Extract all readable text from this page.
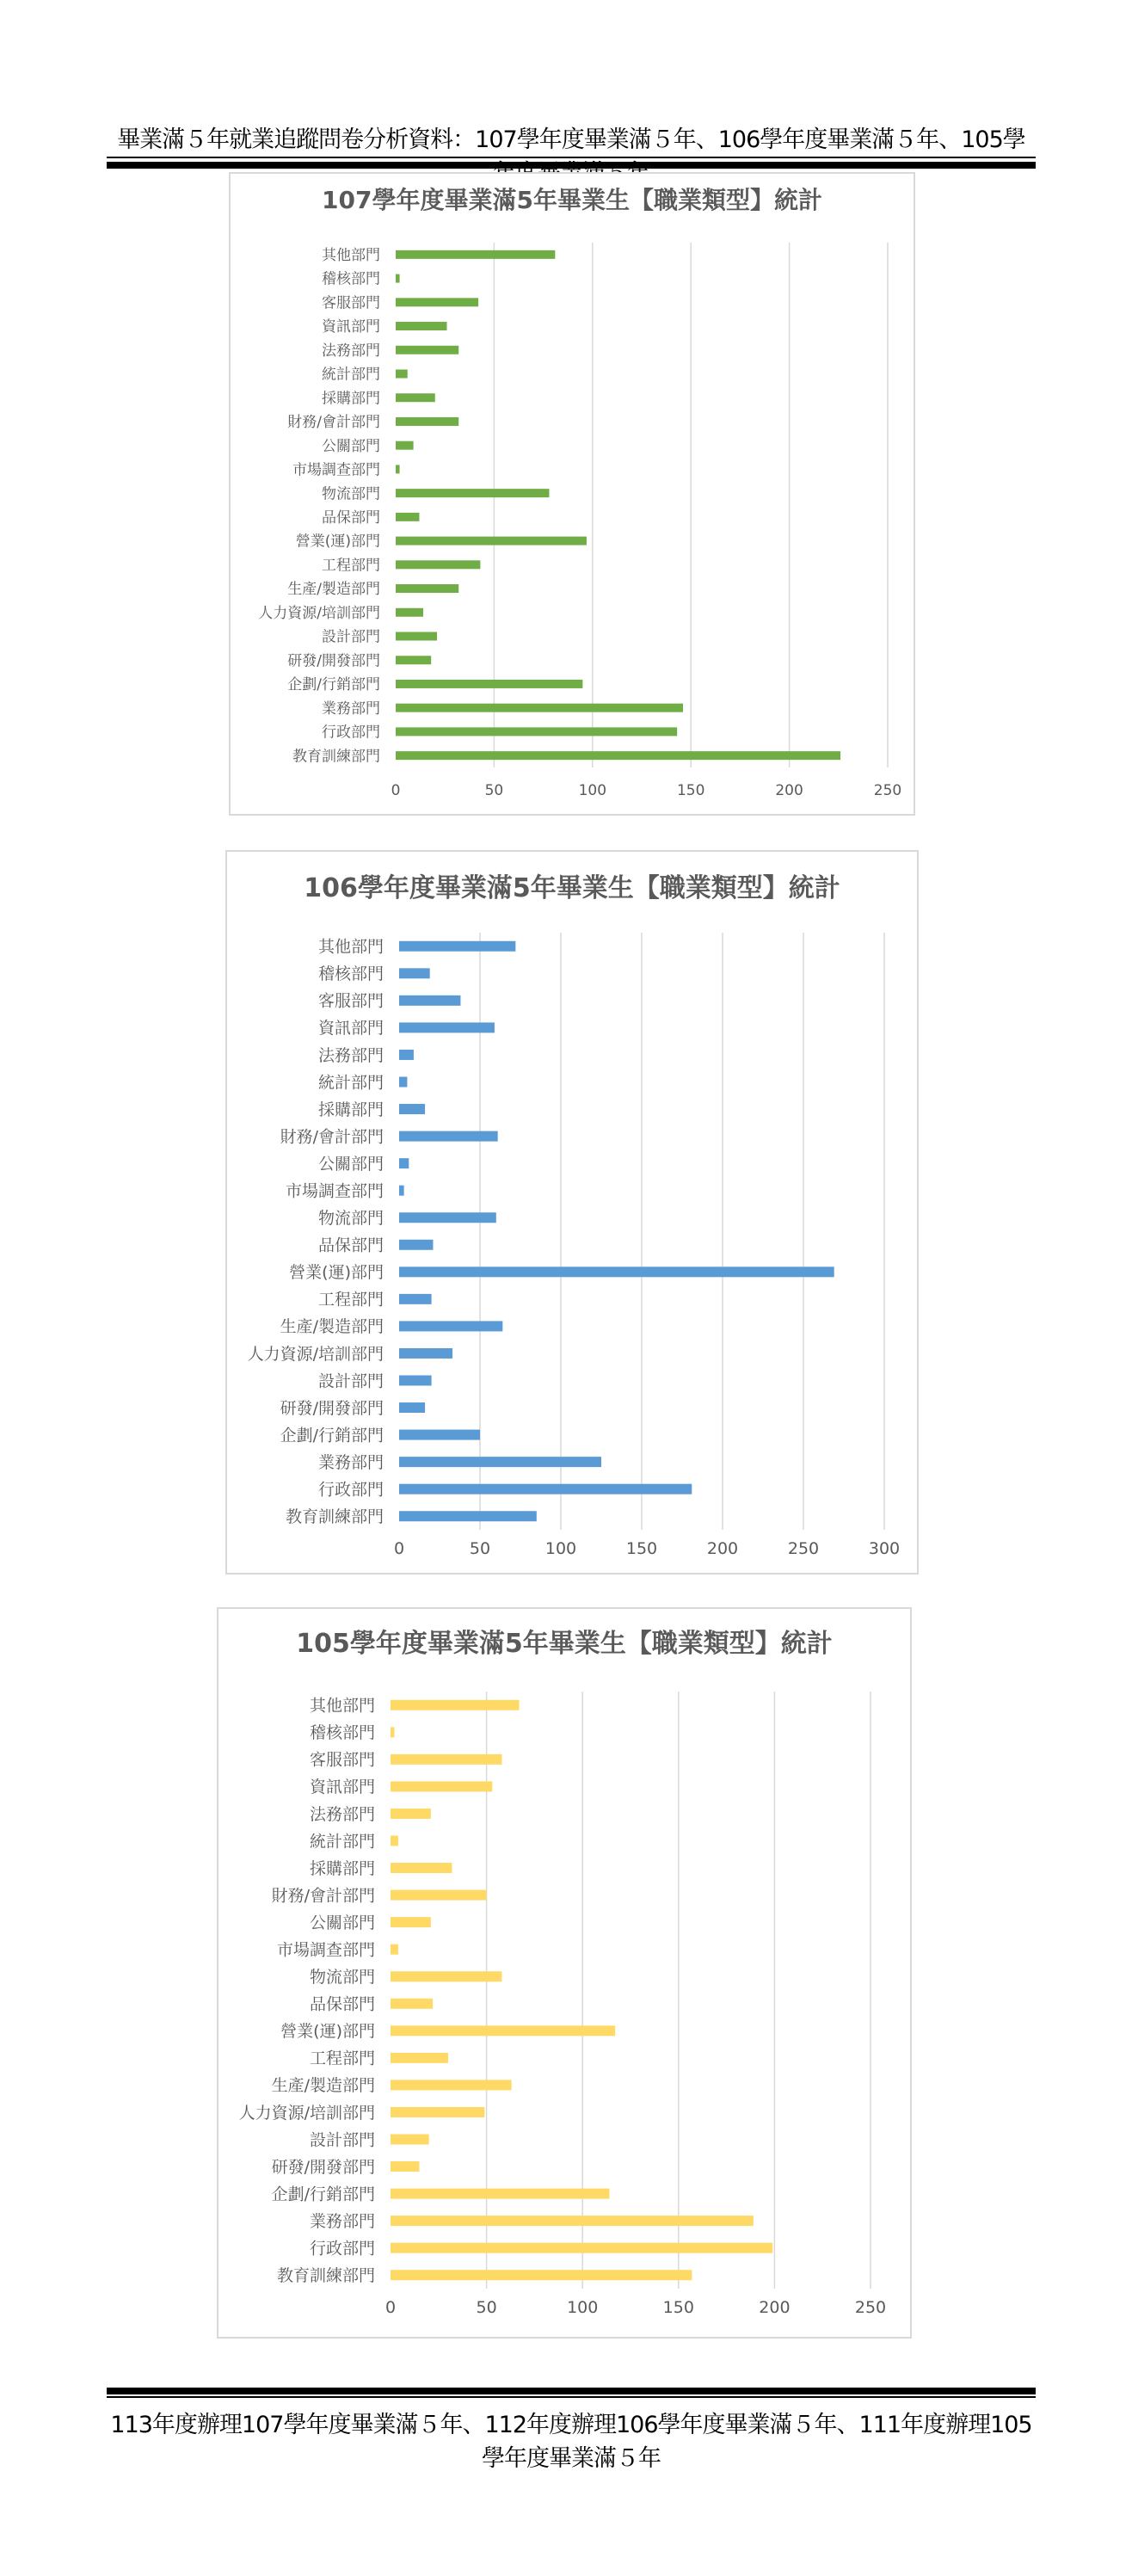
畢業滿５年就業追蹤問卷分析資料：107學年度畢業滿５年、106學年度畢業滿５年、105學
107學年度畢業滿5年畢業生【職業類型】統計
0	50	100	150	200	250
其他部門
稽核部門
客服部門
資訊部門
法務部門
統計部門
採購部門
財務/會計部門
公關部門
市場調查部門
物流部門
品保部門
營業(運)部門
工程部門
生產/製造部門
人力資源/培訓部門
設計部門
研發/開發部門
企劃/行銷部門
業務部門
行政部門
教育訓練部門
106學年度畢業滿5年畢業生【職業類型】統計
0	50	100	150	200	250	300
其他部門
稽核部門
客服部門
資訊部門
法務部門
統計部門
採購部門
財務/會計部門
公關部門
市場調查部門
物流部門
品保部門
營業(運)部門
工程部門
生產/製造部門
人力資源/培訓部門
設計部門
研發/開發部門
企劃/行銷部門
業務部門
行政部門
教育訓練部門
105學年度畢業滿5年畢業生【職業類型】統計
0	50	100	150	200	250
其他部門
稽核部門
客服部門
資訊部門
法務部門
統計部門
採購部門
財務/會計部門
公關部門
市場調查部門
物流部門
品保部門
營業(運)部門
工程部門
生產/製造部門
人力資源/培訓部門
設計部門
研發/開發部門
企劃/行銷部門
業務部門
行政部門
教育訓練部門
113年度辦理107學年度畢業滿５年、112年度辦理106學年度畢業滿５年、111年度辦理105學年度畢業滿５年
